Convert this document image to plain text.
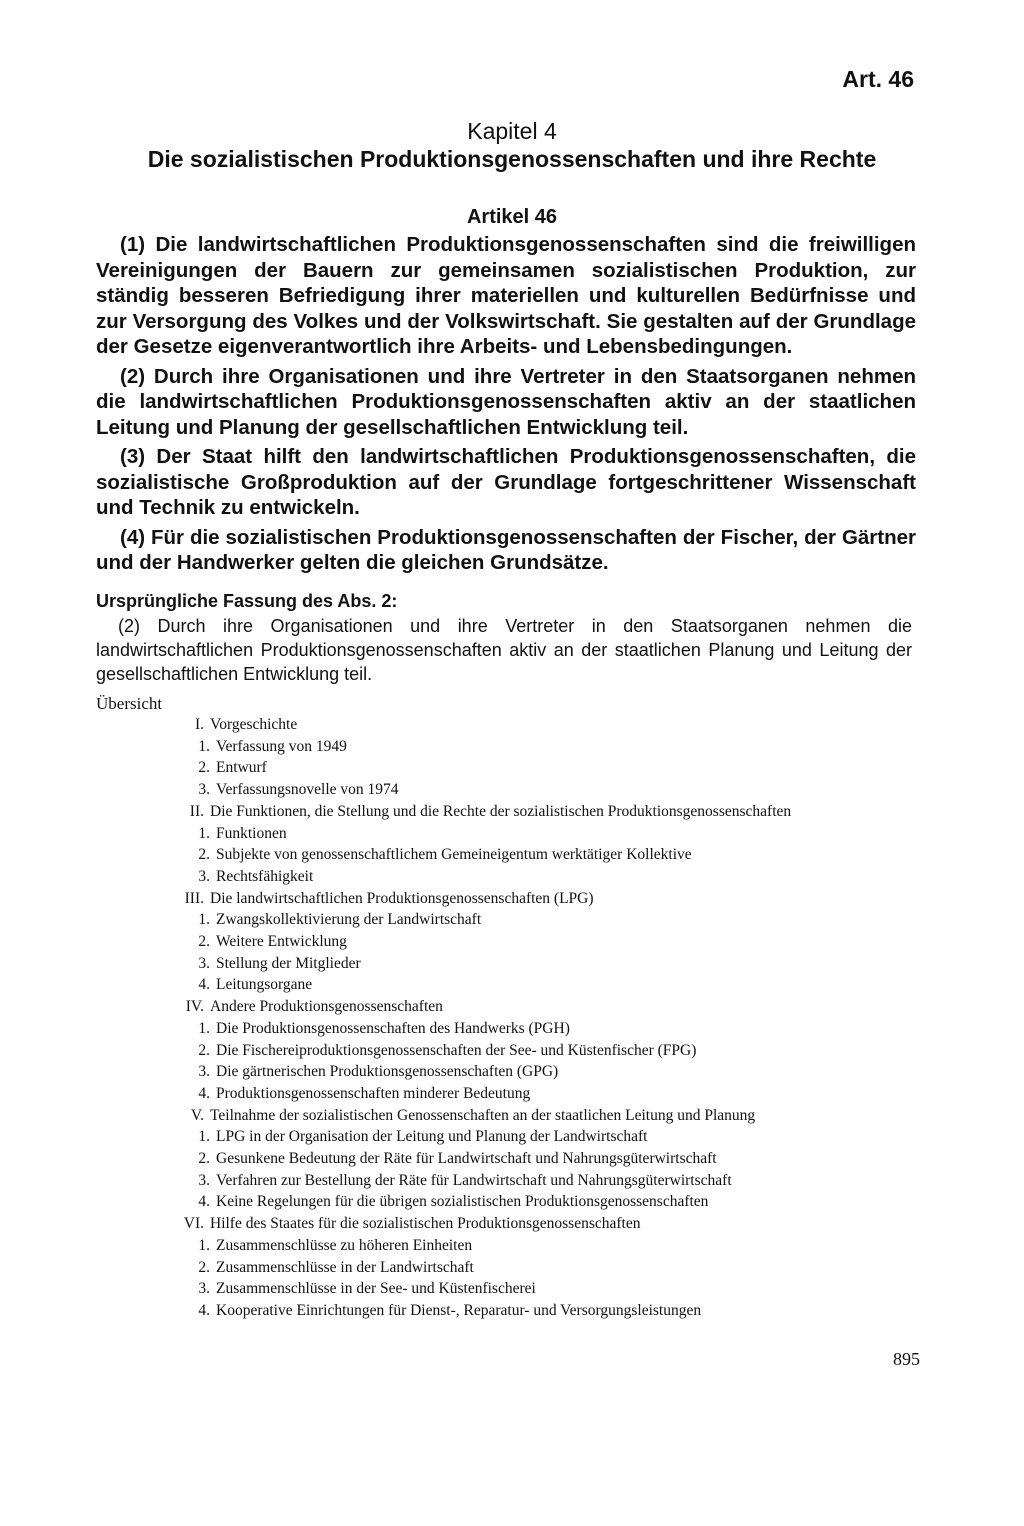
Art. 46
Kapitel 4
Die sozialistischen Produktionsgenossenschaften und ihre Rechte
Artikel 46

(1) Die landwirtschaftlichen Produktionsgenossenschaften sind die freiwilligen Vereinigungen der Bauern zur gemeinsamen sozialistischen Produktion, zur ständig besseren Befriedigung ihrer materiellen und kulturellen Bedürfnisse und zur Versorgung des Volkes und der Volkswirtschaft. Sie gestalten auf der Grundlage der Gesetze eigenverantwortlich ihre Arbeits- und Lebensbedingungen.

(2) Durch ihre Organisationen und ihre Vertreter in den Staatsorganen nehmen die landwirtschaftlichen Produktionsgenossenschaften aktiv an der staatlichen Leitung und Planung der gesellschaftlichen Entwicklung teil.

(3) Der Staat hilft den landwirtschaftlichen Produktionsgenossenschaften, die sozialistische Großproduktion auf der Grundlage fortgeschrittener Wissenschaft und Technik zu entwickeln.

(4) Für die sozialistischen Produktionsgenossenschaften der Fischer, der Gärtner und der Handwerker gelten die gleichen Grundsätze.

Ursprüngliche Fassung des Abs. 2:

(2) Durch ihre Organisationen und ihre Vertreter in den Staatsorganen nehmen die landwirtschaftlichen Produktionsgenossenschaften aktiv an der staatlichen Planung und Leitung der gesellschaftlichen Entwicklung teil.

Übersicht
I. Vorgeschichte
1. Verfassung von 1949
2. Entwurf
3. Verfassungsnovelle von 1974
II. Die Funktionen, die Stellung und die Rechte der sozialistischen Produktionsgenossenschaften
1. Funktionen
2. Subjekte von genossenschaftlichem Gemeineigentum werktätiger Kollektive
3. Rechtsfähigkeit
III. Die landwirtschaftlichen Produktionsgenossenschaften (LPG)
1. Zwangskollektivierung der Landwirtschaft
2. Weitere Entwicklung
3. Stellung der Mitglieder
4. Leitungsorgane
IV. Andere Produktionsgenossenschaften
1. Die Produktionsgenossenschaften des Handwerks (PGH)
2. Die Fischereiproduktionsgenossenschaften der See- und Küstenfischer (FPG)
3. Die gärtnerischen Produktionsgenossenschaften (GPG)
4. Produktionsgenossenschaften minderer Bedeutung
V. Teilnahme der sozialistischen Genossenschaften an der staatlichen Leitung und Planung
1. LPG in der Organisation der Leitung und Planung der Landwirtschaft
2. Gesunkene Bedeutung der Räte für Landwirtschaft und Nahrungsgüterwirtschaft
3. Verfahren zur Bestellung der Räte für Landwirtschaft und Nahrungsgüterwirtschaft
4. Keine Regelungen für die übrigen sozialistischen Produktionsgenossenschaften
VI. Hilfe des Staates für die sozialistischen Produktionsgenossenschaften
1. Zusammenschlüsse zu höheren Einheiten
2. Zusammenschlüsse in der Landwirtschaft
3. Zusammenschlüsse in der See- und Küstenfischerei
4. Kooperative Einrichtungen für Dienst-, Reparatur- und Versorgungsleistungen
895
